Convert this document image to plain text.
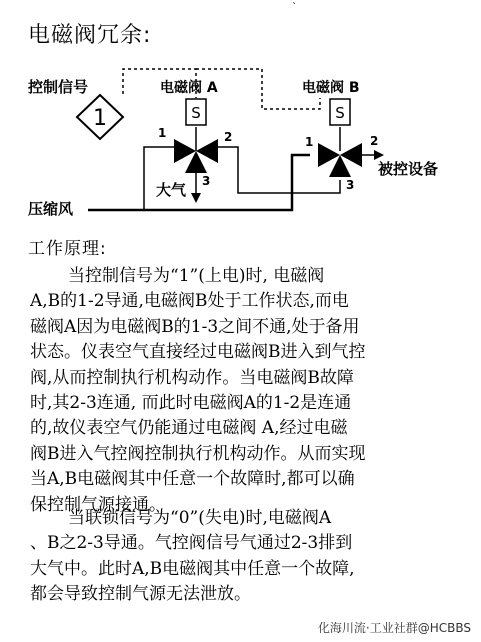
电磁阀冗余:
`
1
控制信号	电磁阀 A	电磁阀 B
S	S
1	2
3
1	2
3
大气
被控设备
压缩风
工作原理:
当控制信号为“1”(上电)时, 电磁阀
A,B的1-2导通,电磁阀B处于工作状态,而电
磁阀A因为电磁阀B的1-3之间不通,处于备用
状态。仪表空气直接经过电磁阀B进入到气控
阀,从而控制执行机构动作。当电磁阀B故障
时,其2-3连通, 而此时电磁阀A的1-2是连通
的,故仪表空气仍能通过电磁阀 A,经过电磁
阀B进入气控阀控制执行机构动作。从而实现
当A,B电磁阀其中任意一个故障时,都可以确
保控制气源接通。
当联锁信号为“0”(失电)时,电磁阀A
、B之2-3导通。气控阀信号气通过2-3排到
大气中。此时A,B电磁阀其中任意一个故障,
都会导致控制气源无法泄放。
化海川流·工业社群@HCBBS
